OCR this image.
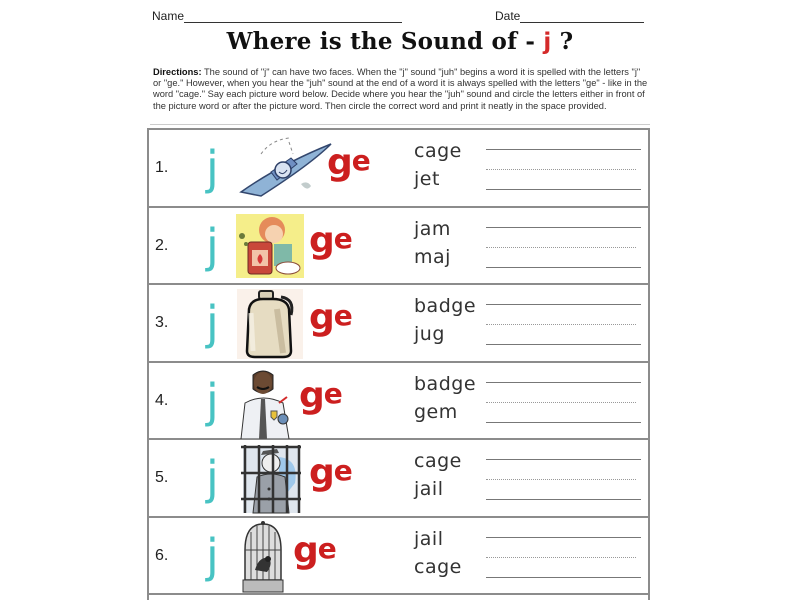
Name	Date
Where is the Sound of - j ?
Directions: The sound of "j" can have two faces. When the "j" sound "juh" begins a word it is spelled with the letters "j" or "ge." However, when you hear the "juh" sound at the end of a word it is always spelled with the letters "ge" - like in the word "cage." Say each picture word below. Decide where you hear the "juh" sound and circle the letters either in front of the picture word or after the picture word. Then circle the correct word and print it neatly in the space provided.
1. j	ge cage
jet
2. j	ge	jam
maj
3. j	ge	badge
jug
4. j ge	badge
gem
5. j	ge	cage
jail
6. j ge	jail
cage
